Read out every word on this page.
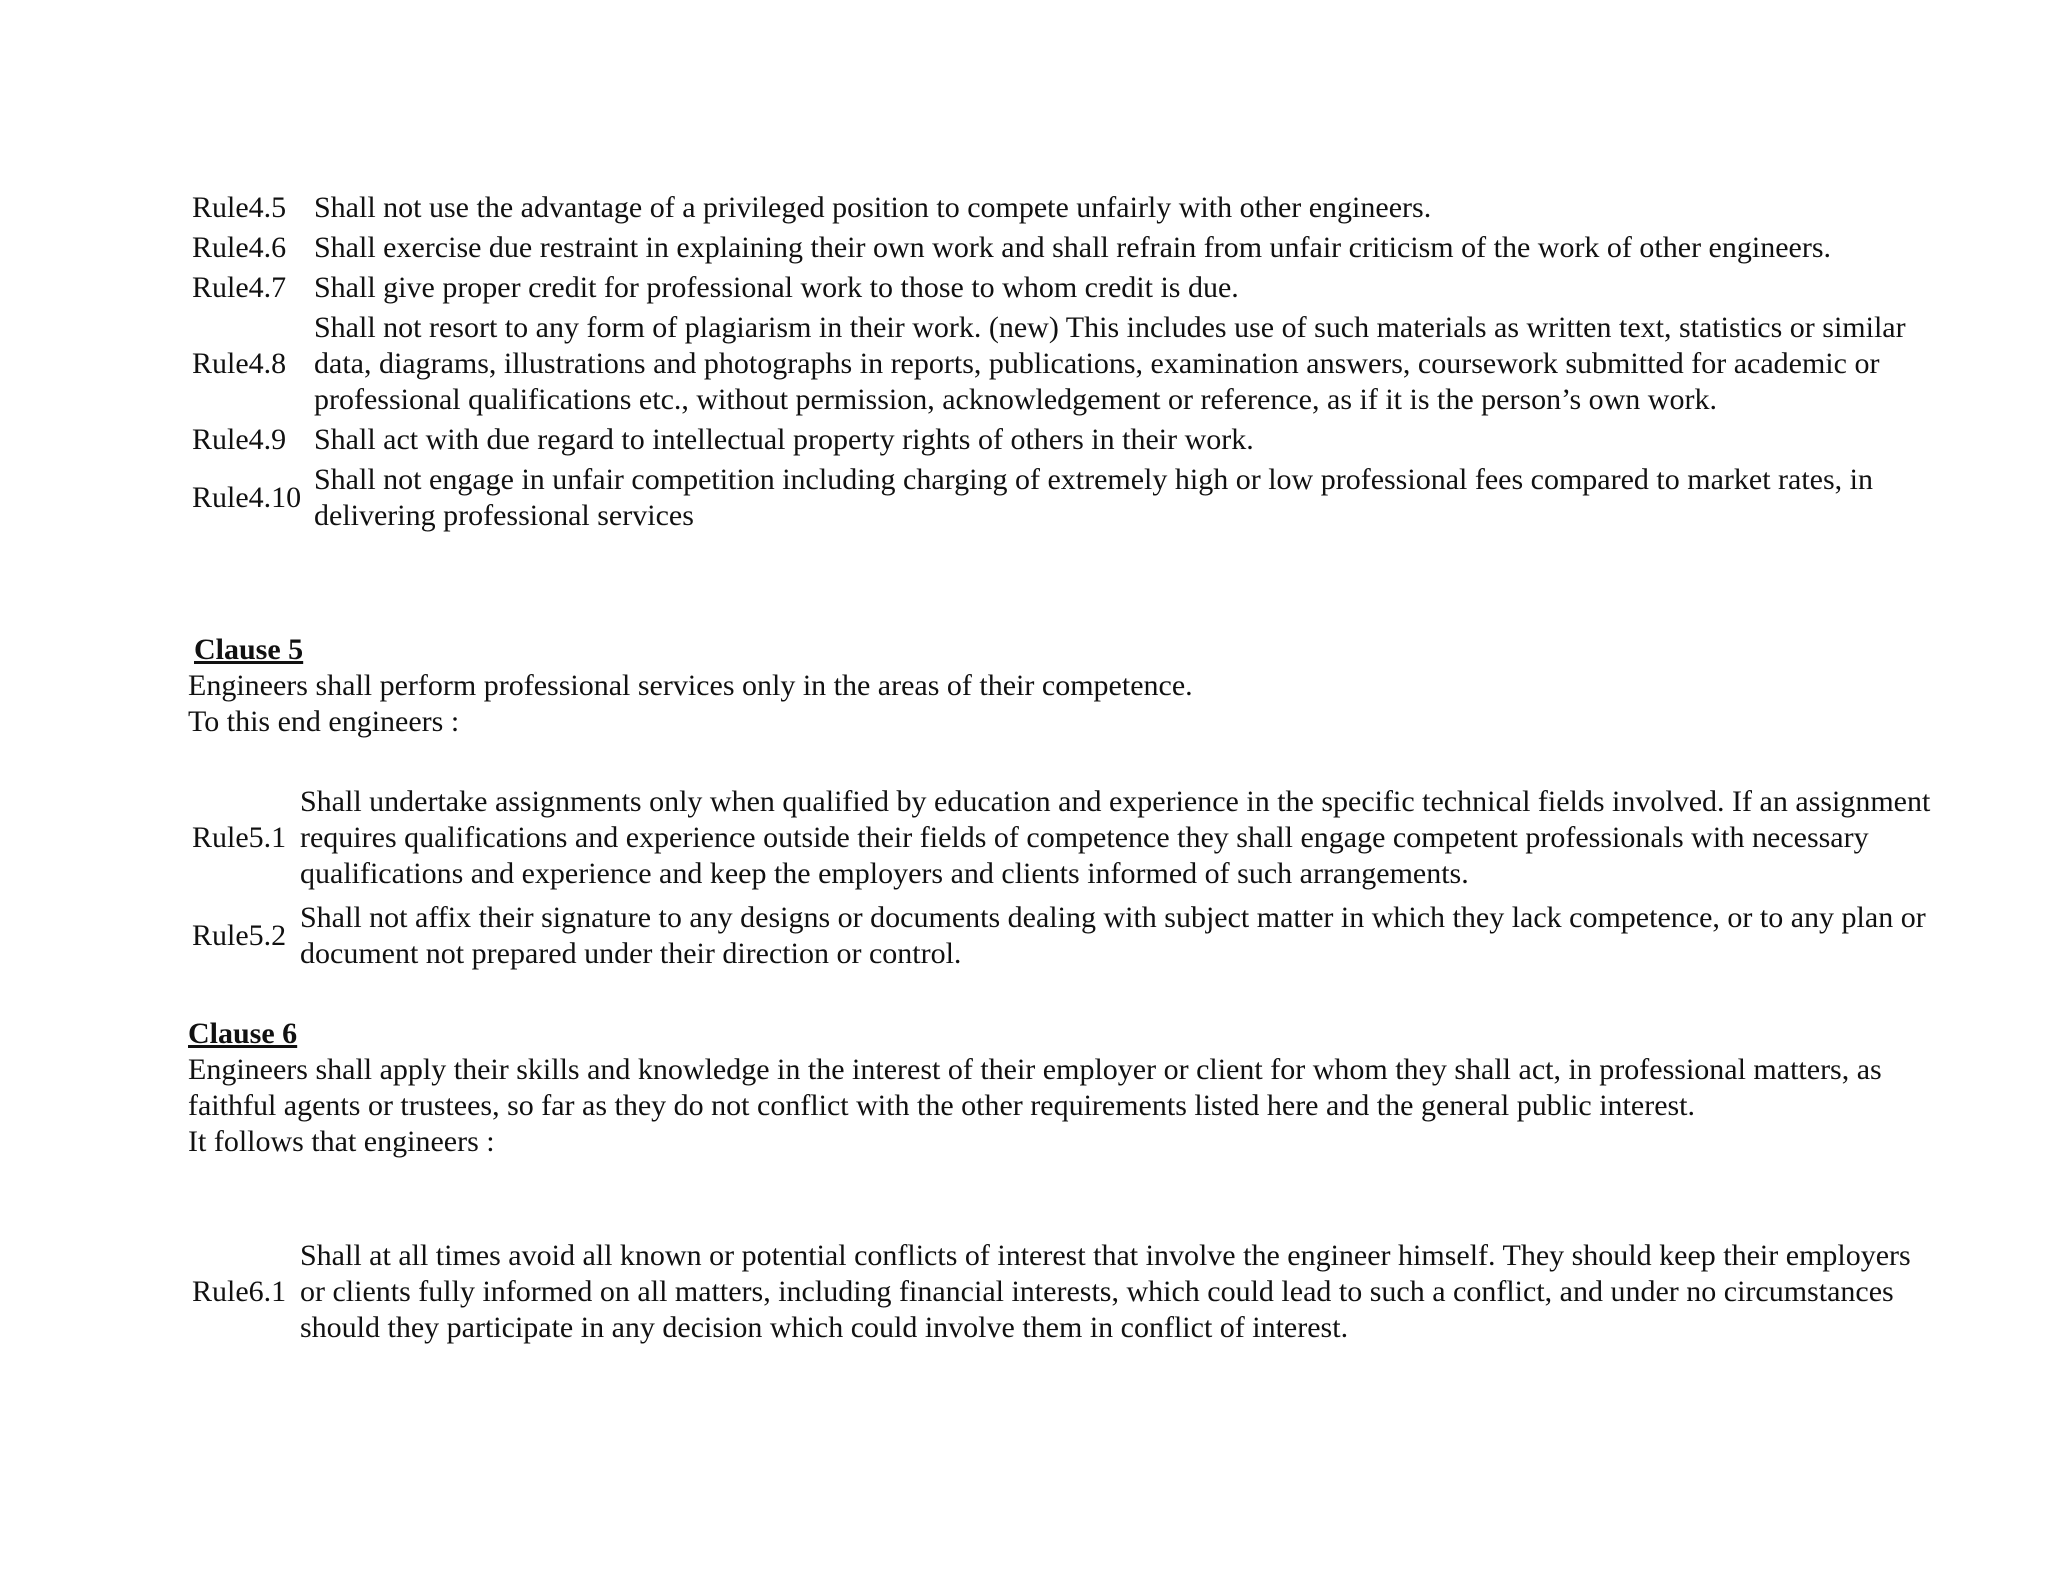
Rule4.5 Shall not use the advantage of a privileged position to compete unfairly with other engineers.
Rule4.6 Shall exercise due restraint in explaining their own work and shall refrain from unfair criticism of the work of other engineers.
Rule4.7 Shall give proper credit for professional work to those to whom credit is due.
Rule4.8
Shall not resort to any form of plagiarism in their work. (new) This includes use of such materials as written text, statistics or similar data, diagrams, illustrations and photographs in reports, publications, examination answers, coursework submitted for academic or professional qualifications etc., without permission, acknowledgement or reference, as if it is the person’s own work.
Rule4.9 Shall act with due regard to intellectual property rights of others in their work.
Rule4.10
Shall not engage in unfair competition including charging of extremely high or low professional fees compared to market rates, in delivering professional services
Clause 5
Engineers shall perform professional services only in the areas of their competence.
To this end engineers :
Rule5.1
Shall undertake assignments only when qualified by education and experience in the specific technical fields involved. If an assignment requires qualifications and experience outside their fields of competence they shall engage competent professionals with necessary qualifications and experience and keep the employers and clients informed of such arrangements.
Rule5.2
Shall not affix their signature to any designs or documents dealing with subject matter in which they lack competence, or to any plan or document not prepared under their direction or control.
Clause 6
Engineers shall apply their skills and knowledge in the interest of their employer or client for whom they shall act, in professional matters, as faithful agents or trustees, so far as they do not conflict with the other requirements listed here and the general public interest.
It follows that engineers :
Rule6.1
Shall at all times avoid all known or potential conflicts of interest that involve the engineer himself. They should keep their employers or clients fully informed on all matters, including financial interests, which could lead to such a conflict, and under no circumstances should they participate in any decision which could involve them in conflict of interest.
